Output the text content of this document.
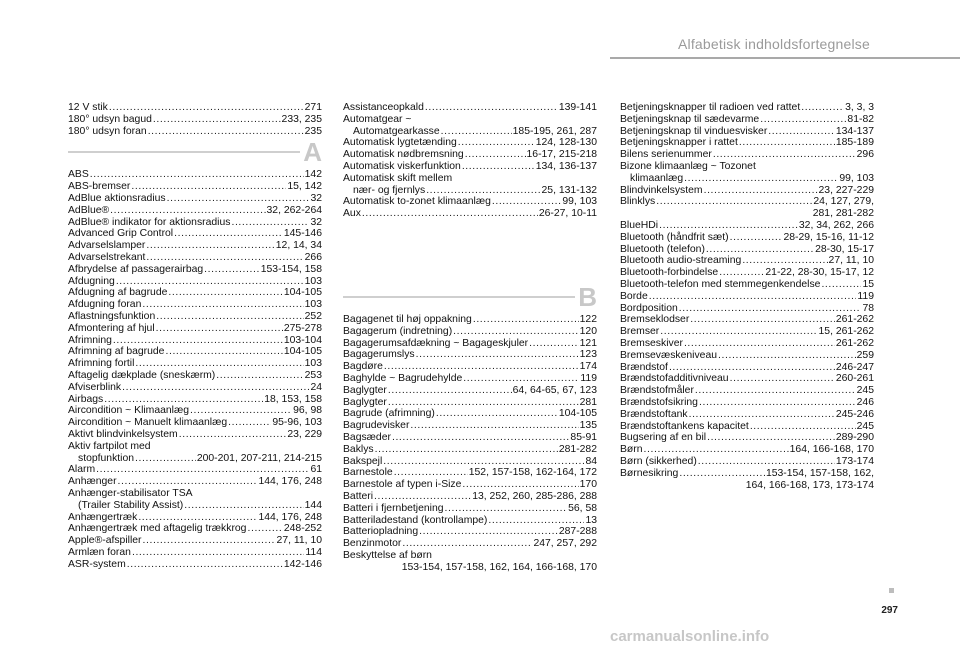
Alfabetisk indholdsfortegnelse
12 V stik .....	271
180° udsyn bagud .....	233, 235
180° udsyn foran .....	235
A
ABS .....	142
ABS-bremser .....	15, 142
AdBlue aktionsradius .....	32
AdBlue® .....	32, 262-264
AdBlue® indikator for aktionsradius .....	32
Advanced Grip Control .....	145-146
Advarselslamper .....	12, 14, 34
Advarselstrekant .....	266
Afbrydelse af passagerairbag .....	153-154, 158
Afdugning .....	103
Afdugning af bagrude .....	104-105
Afdugning foran .....	103
Aflastningsfunktion .....	252
Afmontering af hjul .....	275-278
Afrimning .....	103-104
Afrimning af bagrude .....	104-105
Afrimning fortil .....	103
Aftagelig dækplade (sneskærm) .....	253
Afviserblink .....	24
Airbags .....	18, 153, 158
Aircondition ~ Klimaanlæg .....	96, 98
Aircondition ~ Manuelt klimaanlæg .....	95-96, 103
Aktivt blindvinkelsystem .....	23, 229
Aktiv fartpilot med
stopfunktion .....	200-201, 207-211, 214-215
Alarm .....	61
Anhænger .....	144, 176, 248
Anhænger-stabilisator TSA
(Trailer Stability Assist) .....	144
Anhængertræk .....	144, 176, 248
Anhængertræk med aftagelig trækkrog .....	248-252
Apple®-afspiller .....	27, 11, 10
Armlæn foran .....	114
ASR-system .....	142-146
Assistanceopkald .....	139-141
Automatgear ~
Automatgearkasse .....	185-195, 261, 287
Automatisk lygtetænding .....	124, 128-130
Automatisk nødbremsning .....	16-17, 215-218
Automatisk viskerfunktion .....	134, 136-137
Automatisk skift mellem
nær- og fjernlys .....	25, 131-132
Automatisk to-zonet klimaanlæg .....	99, 103
Aux .....	26-27, 10-11
B
Bagagenet til høj oppakning .....	122
Bagagerum (indretning) .....	120
Bagagerumsafdækning ~ Bagageskjuler .....	121
Bagagerumslys .....	123
Bagdøre .....	174
Baghylde ~ Bagrudehylde .....	119
Baglygter .....	64, 64-65, 67, 123
Baglygter .....	281
Bagrude (afrimning) .....	104-105
Bagrudevisker .....	135
Bagsæder .....	85-91
Baklys .....	281-282
Bakspejl .....	84
Barnestole .....	152, 157-158, 162-164, 172
Barnestole af typen i-Size .....	170
Batteri .....	13, 252, 260, 285-286, 288
Batteri i fjernbetjening .....	56, 58
Batteriladestand (kontrollampe) .....	13
Batteriopladning .....	287-288
Benzinmotor .....	247, 257, 292
Beskyttelse af børn
153-154, 157-158, 162, 164, 166-168, 170
Betjeningsknapper til radioen ved rattet .....	3, 3, 3
Betjeningsknap til sædevarme .....	81-82
Betjeningsknap til vinduesvisker .....	134-137
Betjeningsknapper i rattet .....	185-189
Bilens serienummer .....	296
Bizone klimaanlæg ~ Tozonet
klimaanlæg .....	99, 103
Blindvinkelsystem .....	23, 227-229
Blinklys .....	24, 127, 279,
281, 281-282
BlueHDi .....	32, 34, 262, 266
Bluetooth (håndfrit sæt) .....	28-29, 15-16, 11-12
Bluetooth (telefon) .....	28-30, 15-17
Bluetooth audio-streaming .....	27, 11, 10
Bluetooth-forbindelse .....	21-22, 28-30, 15-17, 12
Bluetooth-telefon med stemmegenkendelse .....	15
Borde .....	119
Bordposition .....	78
Bremseklodser .....	261-262
Bremser .....	15, 261-262
Bremseskiver .....	261-262
Bremsevæskeniveau .....	259
Brændstof .....	246-247
Brændstofadditivniveau .....	260-261
Brændstofmåler .....	245
Brændstofsikring .....	246
Brændstoftank .....	245-246
Brændstoftankens kapacitet .....	245
Bugsering af en bil .....	289-290
Børn .....	164, 166-168, 170
Børn (sikkerhed) .....	173-174
Børnesikring .....	153-154, 157-158, 162,
164, 166-168, 173, 173-174
297
carmanualsonline.info
